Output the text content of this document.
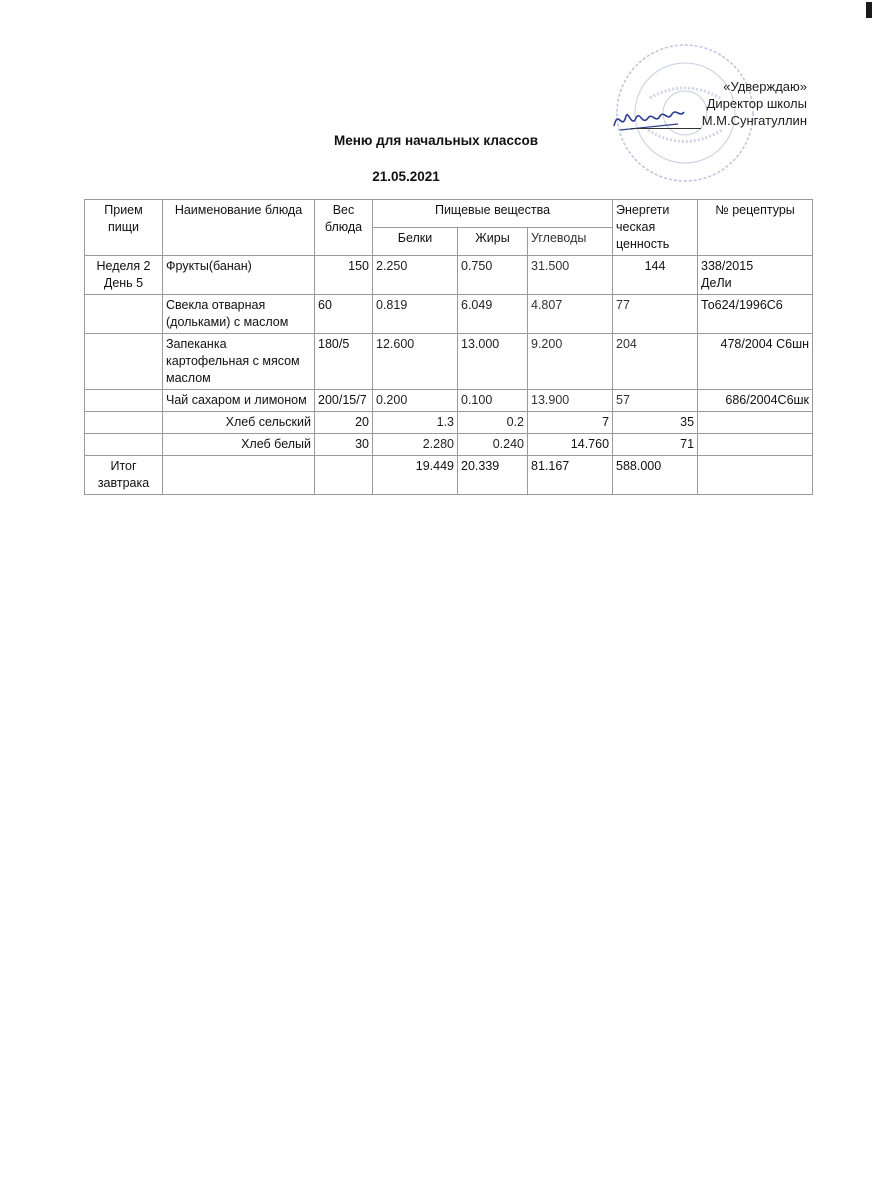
«Удверждаю»
Директор школы
М.М.Сунгатуллин
Меню для начальных классов
21.05.2021
Прием пищи	Наименование блюда	Вес блюда	Пищевые вещества			Энергети ческая ценность	№ рецептуры
			Белки	Жиры	Углеводы		
Неделя 2 День 5	Фрукты(банан)	150	2.250	0.750	31.500	144	338/2015 ДеЛи

	Свекла отварная (дольками) с маслом	60	0.819	6.049	4.807	77	То624/1996С6
	Запеканка картофельная с мясом маслом	180/5	12.600	13.000	9.200	204	478/2004 С6шн
	Чай сахаром и лимоном	200/15/7	0.200	0.100	13.900	57	686/2004С6шк
	Хлеб сельский	20	1.3	0.2	7	35	
	Хлеб белый	30	2.280	0.240	14.760	71	

Итог завтрака			19.449	20.339	81.167	588.000	
